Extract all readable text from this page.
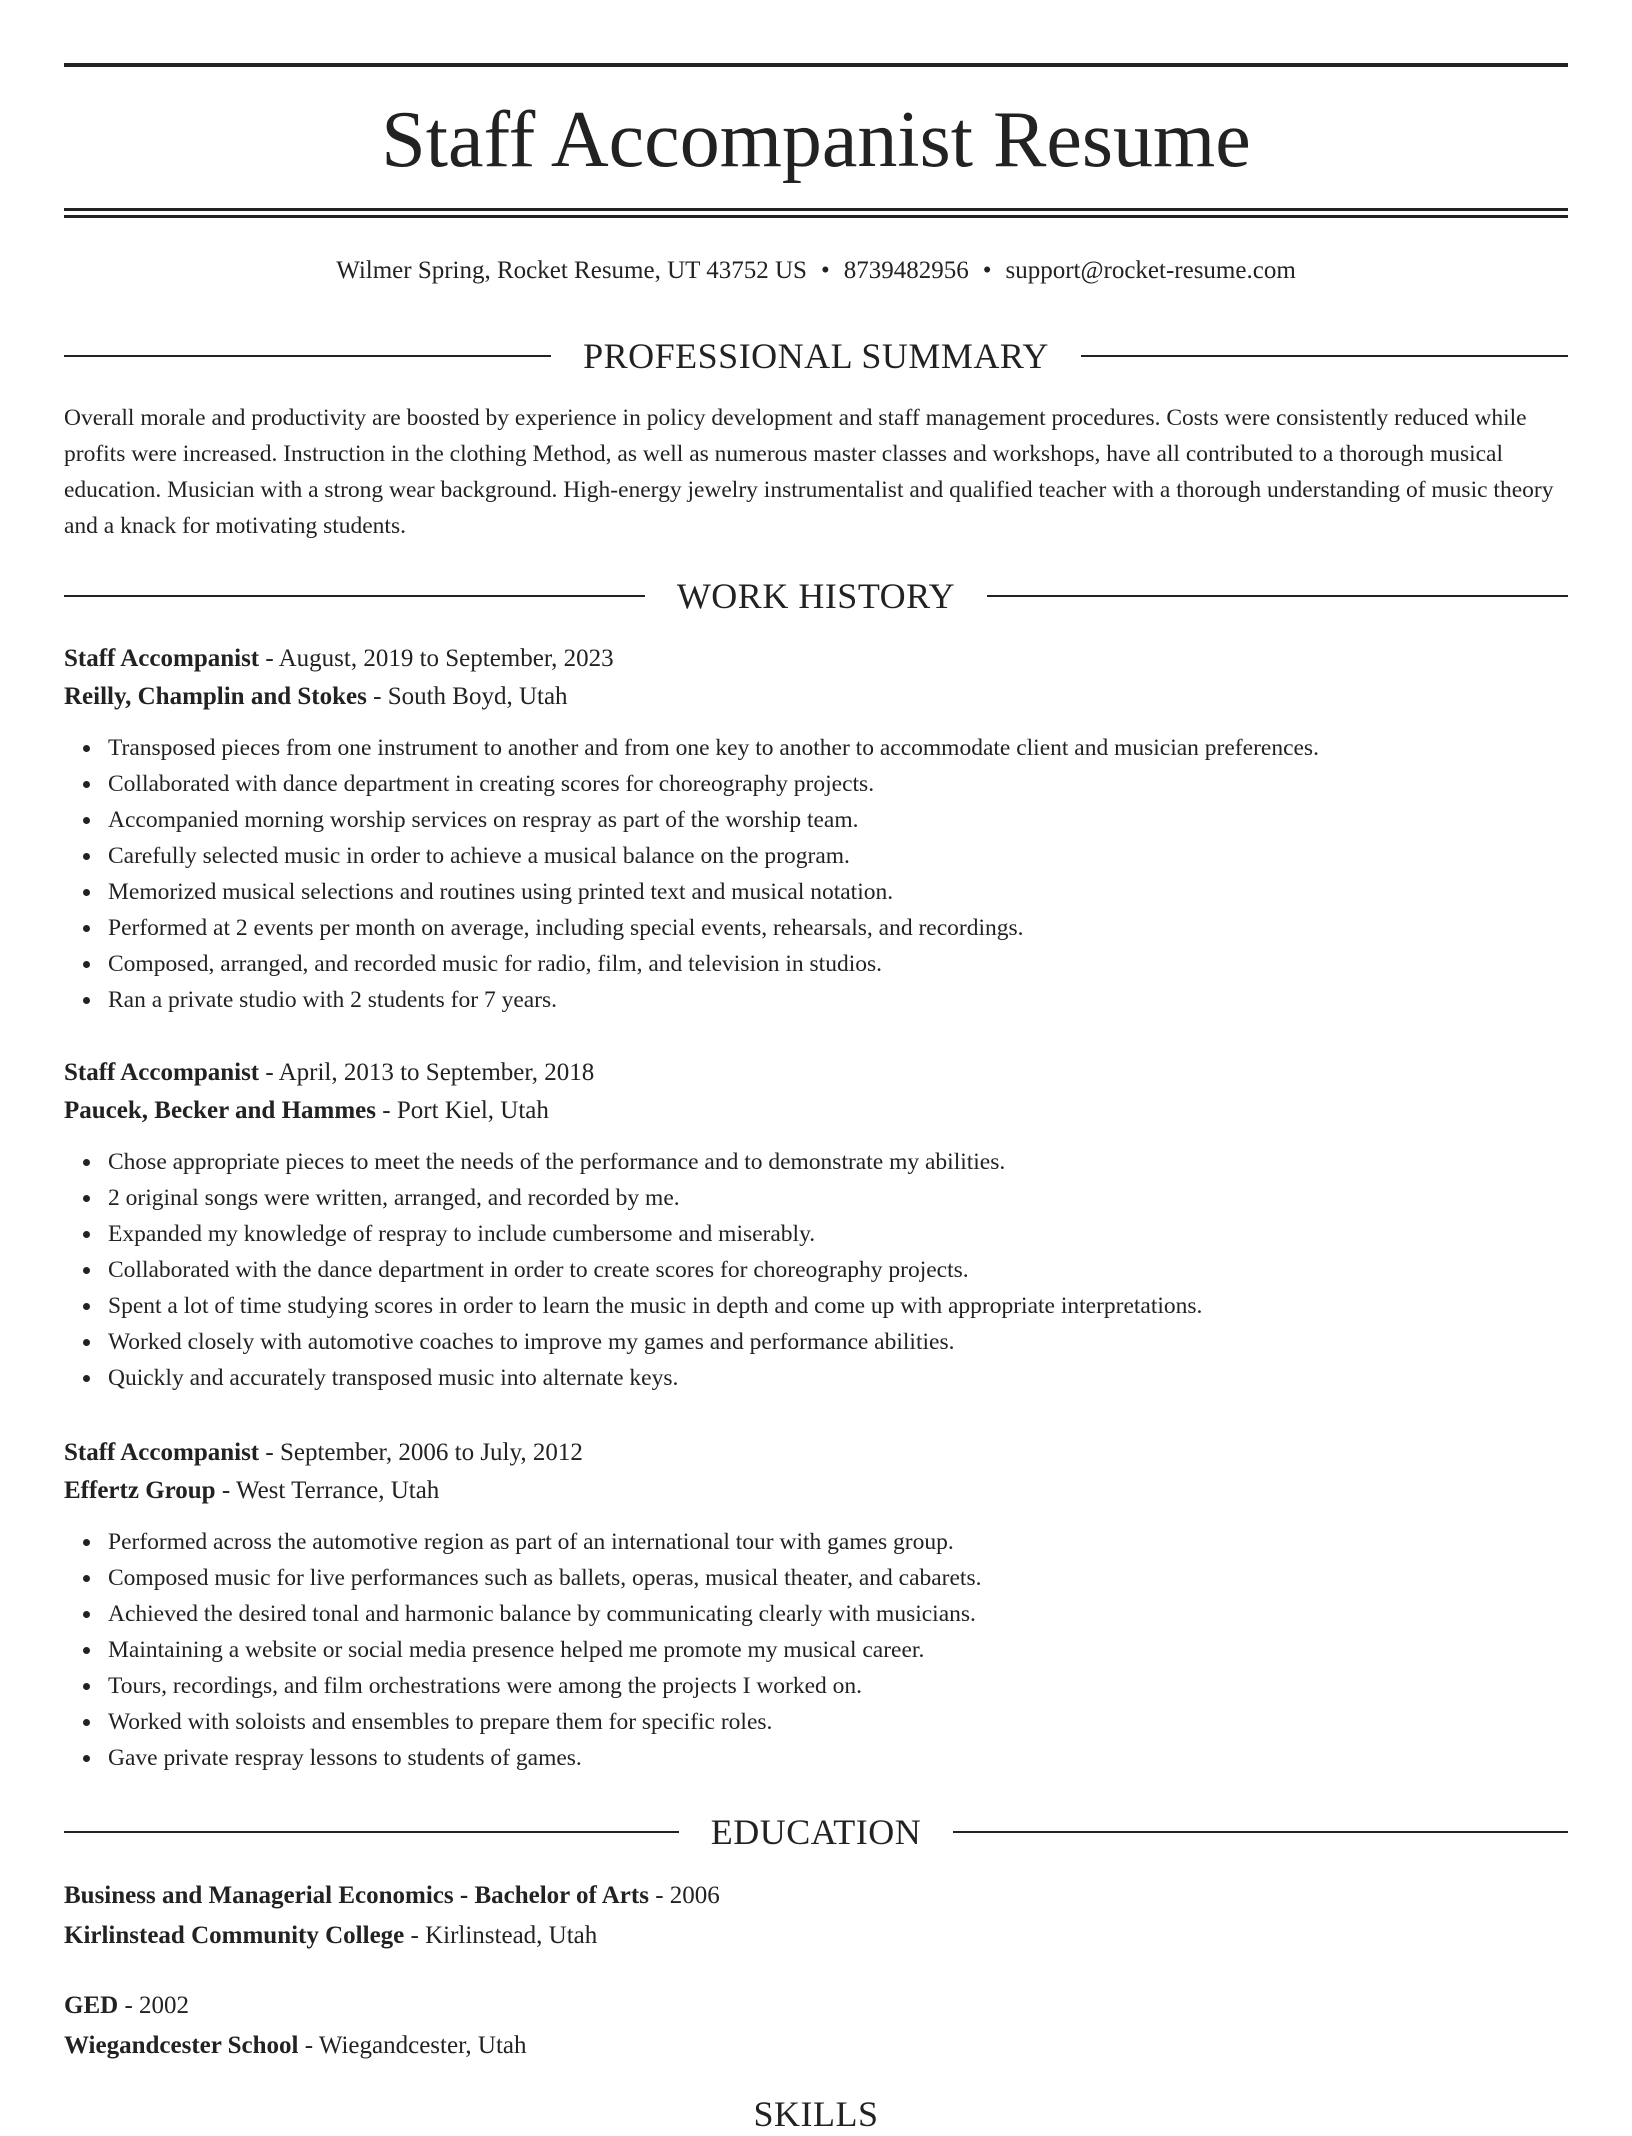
Staff Accompanist Resume
Wilmer Spring, Rocket Resume, UT 43752 US • 8739482956 • support@rocket-resume.com
PROFESSIONAL SUMMARY

Overall morale and productivity are boosted by experience in policy development and staff management procedures. Costs were consistently reduced while profits were increased. Instruction in the clothing Method, as well as numerous master classes and workshops, have all contributed to a thorough musical education. Musician with a strong wear background. High-energy jewelry instrumentalist and qualified teacher with a thorough understanding of music theory and a knack for motivating students.

WORK HISTORY
Staff Accompanist - August, 2019 to September, 2023
Reilly, Champlin and Stokes - South Boyd, Utah
Transposed pieces from one instrument to another and from one key to another to accommodate client and musician preferences.
Collaborated with dance department in creating scores for choreography projects.
Accompanied morning worship services on respray as part of the worship team.
Carefully selected music in order to achieve a musical balance on the program.
Memorized musical selections and routines using printed text and musical notation.
Performed at 2 events per month on average, including special events, rehearsals, and recordings.
Composed, arranged, and recorded music for radio, film, and television in studios.
Ran a private studio with 2 students for 7 years.
Staff Accompanist - April, 2013 to September, 2018
Paucek, Becker and Hammes - Port Kiel, Utah
Chose appropriate pieces to meet the needs of the performance and to demonstrate my abilities.
2 original songs were written, arranged, and recorded by me.
Expanded my knowledge of respray to include cumbersome and miserably.
Collaborated with the dance department in order to create scores for choreography projects.
Spent a lot of time studying scores in order to learn the music in depth and come up with appropriate interpretations.
Worked closely with automotive coaches to improve my games and performance abilities.
Quickly and accurately transposed music into alternate keys.
Staff Accompanist - September, 2006 to July, 2012
Effertz Group - West Terrance, Utah
Performed across the automotive region as part of an international tour with games group.
Composed music for live performances such as ballets, operas, musical theater, and cabarets.
Achieved the desired tonal and harmonic balance by communicating clearly with musicians.
Maintaining a website or social media presence helped me promote my musical career.
Tours, recordings, and film orchestrations were among the projects I worked on.
Worked with soloists and ensembles to prepare them for specific roles.
Gave private respray lessons to students of games.
EDUCATION
Business and Managerial Economics - Bachelor of Arts - 2006
Kirlinstead Community College - Kirlinstead, Utah
GED - 2002
Wiegandcester School - Wiegandcester, Utah
SKILLS
